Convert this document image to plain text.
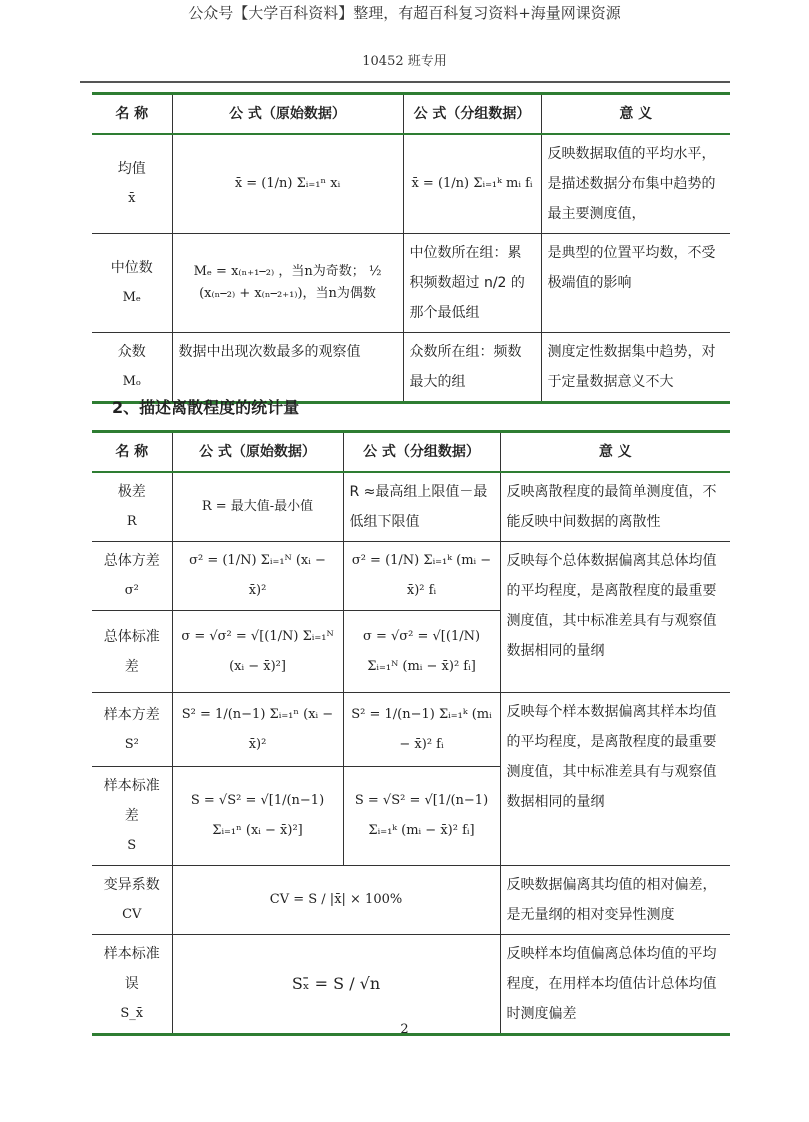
公众号【大学百科资料】整理，有超百科复习资料+海量网课资源
10452 班专用
名 称	公 式（原始数据）	公 式（分组数据）	意 义
均值
x̄	x̄ = (1/n) Σᵢ₌₁ⁿ xᵢ	x̄ = (1/n) Σᵢ₌₁ᵏ mᵢ fᵢ	反映数据取值的平均水平，是描述数据分布集中趋势的最主要测度值，
中位数
Mₑ	Mₑ = x₍ₙ₊₁⎯₂₎ ，当n为奇数； ½ (x₍ₙ⎯₂₎ + x₍ₙ⎯₂₊₁₎)，当n为偶数	中位数所在组：累积频数超过 n/2 的那个最低组	是典型的位置平均数，不受极端值的影响
众数
Mₒ	数据中出现次数最多的观察值	众数所在组：频数最大的组	测度定性数据集中趋势，对于定量数据意义不大
2、描述离散程度的统计量
名 称	公 式（原始数据）	公 式（分组数据）	意 义
极差
R	R = 最大值-最小值	R ≈最高组上限值－最低组下限值	反映离散程度的最简单测度值，不能反映中间数据的离散性
总体方差
σ²	σ² = (1/N) Σᵢ₌₁ᴺ (xᵢ − x̄)²	σ² = (1/N) Σᵢ₌₁ᵏ (mᵢ − x̄)² fᵢ	反映每个总体数据偏离其总体均值的平均程度，是离散程度的最重要测度值，其中标准差具有与观察值数据相同的量纲
总体标准差	σ = √σ² = √[(1/N) Σᵢ₌₁ᴺ (xᵢ − x̄)²]	σ = √σ² = √[(1/N) Σᵢ₌₁ᴺ (mᵢ − x̄)² fᵢ]	
样本方差
S²	S² = 1/(n−1) Σᵢ₌₁ⁿ (xᵢ − x̄)²	S² = 1/(n−1) Σᵢ₌₁ᵏ (mᵢ − x̄)² fᵢ	反映每个样本数据偏离其样本均值的平均程度，是离散程度的最重要测度值，其中标准差具有与观察值数据相同的量纲
样本标准差
S	S = √S² = √[1/(n−1) Σᵢ₌₁ⁿ (xᵢ − x̄)²]	S = √S² = √[1/(n−1) Σᵢ₌₁ᵏ (mᵢ − x̄)² fᵢ]	
变异系数
CV	CV = S / |x̄| × 100%		反映数据偏离其均值的相对偏差，是无量纲的相对变异性测度
样本标准误
S_x̄	Sₓ̄ = S / √n		反映样本均值偏离总体均值的平均程度，在用样本均值估计总体均值时测度偏差
2
